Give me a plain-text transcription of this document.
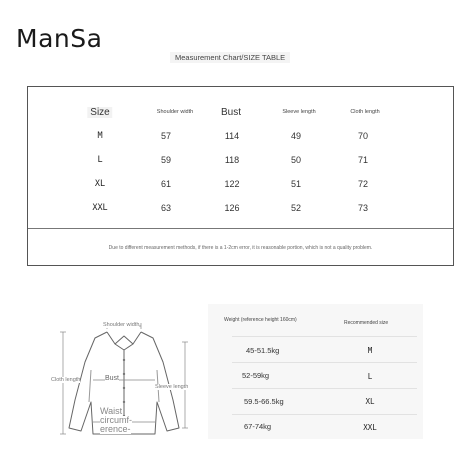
ManSa
Measurement Chart/SIZE TABLE
Size	Shoulder width	Bust	Sleeve length	Cloth length
M	57	114	49	70
L	59	118	50	71
XL	61	122	51	72
XXL	63	126	52	73
Due to different measurement methods, if there is a 1-2cm error, it is reasonable portion, which is not a quality problem.
Shoulder width
Cloth length	Bust
Sleeve length
Waist
circumf-
erence-
Weight (reference height 160cm)	Recommended size
45-51.5kg	M
52-59kg	L
59.5-66.5kg	XL
67-74kg	XXL
